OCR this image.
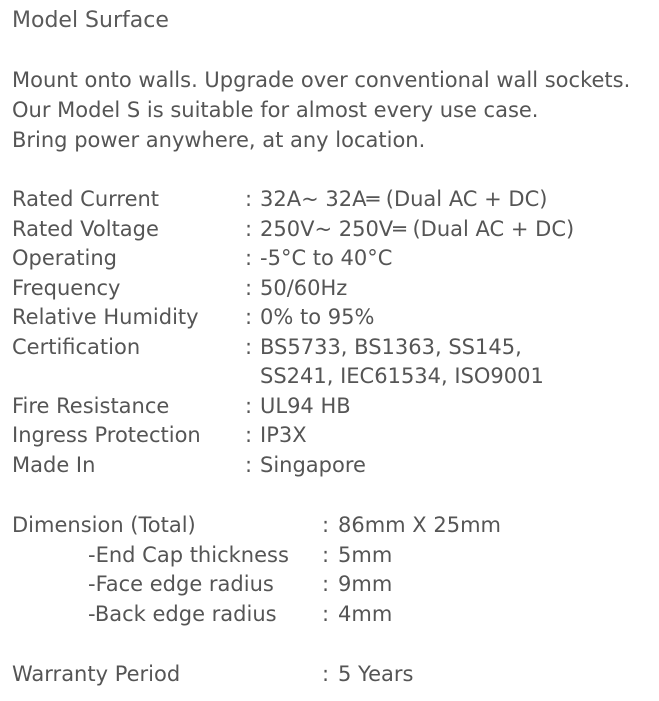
Model Surface
Mount onto walls. Upgrade over conventional wall sockets.
Our Model S is suitable for almost every use case.
Bring power anywhere, at any location.
Rated Current	: 32A~ 32A═ (Dual AC + DC)
Rated Voltage	: 250V~ 250V═ (Dual AC + DC)
Operating	: -5°C to 40°C
Frequency	: 50/60Hz
Relative Humidity : 0% to 95%
Certification	: BS5733, BS1363, SS145,
SS241, IEC61534, ISO9001
Fire Resistance	: UL94 HB
Ingress Protection : IP3X
Made In	: Singapore
Dimension (Total)	: 86mm X 25mm
-End Cap thickness : 5mm
-Face edge radius : 9mm
-Back edge radius : 4mm
Warranty Period	: 5 Years
